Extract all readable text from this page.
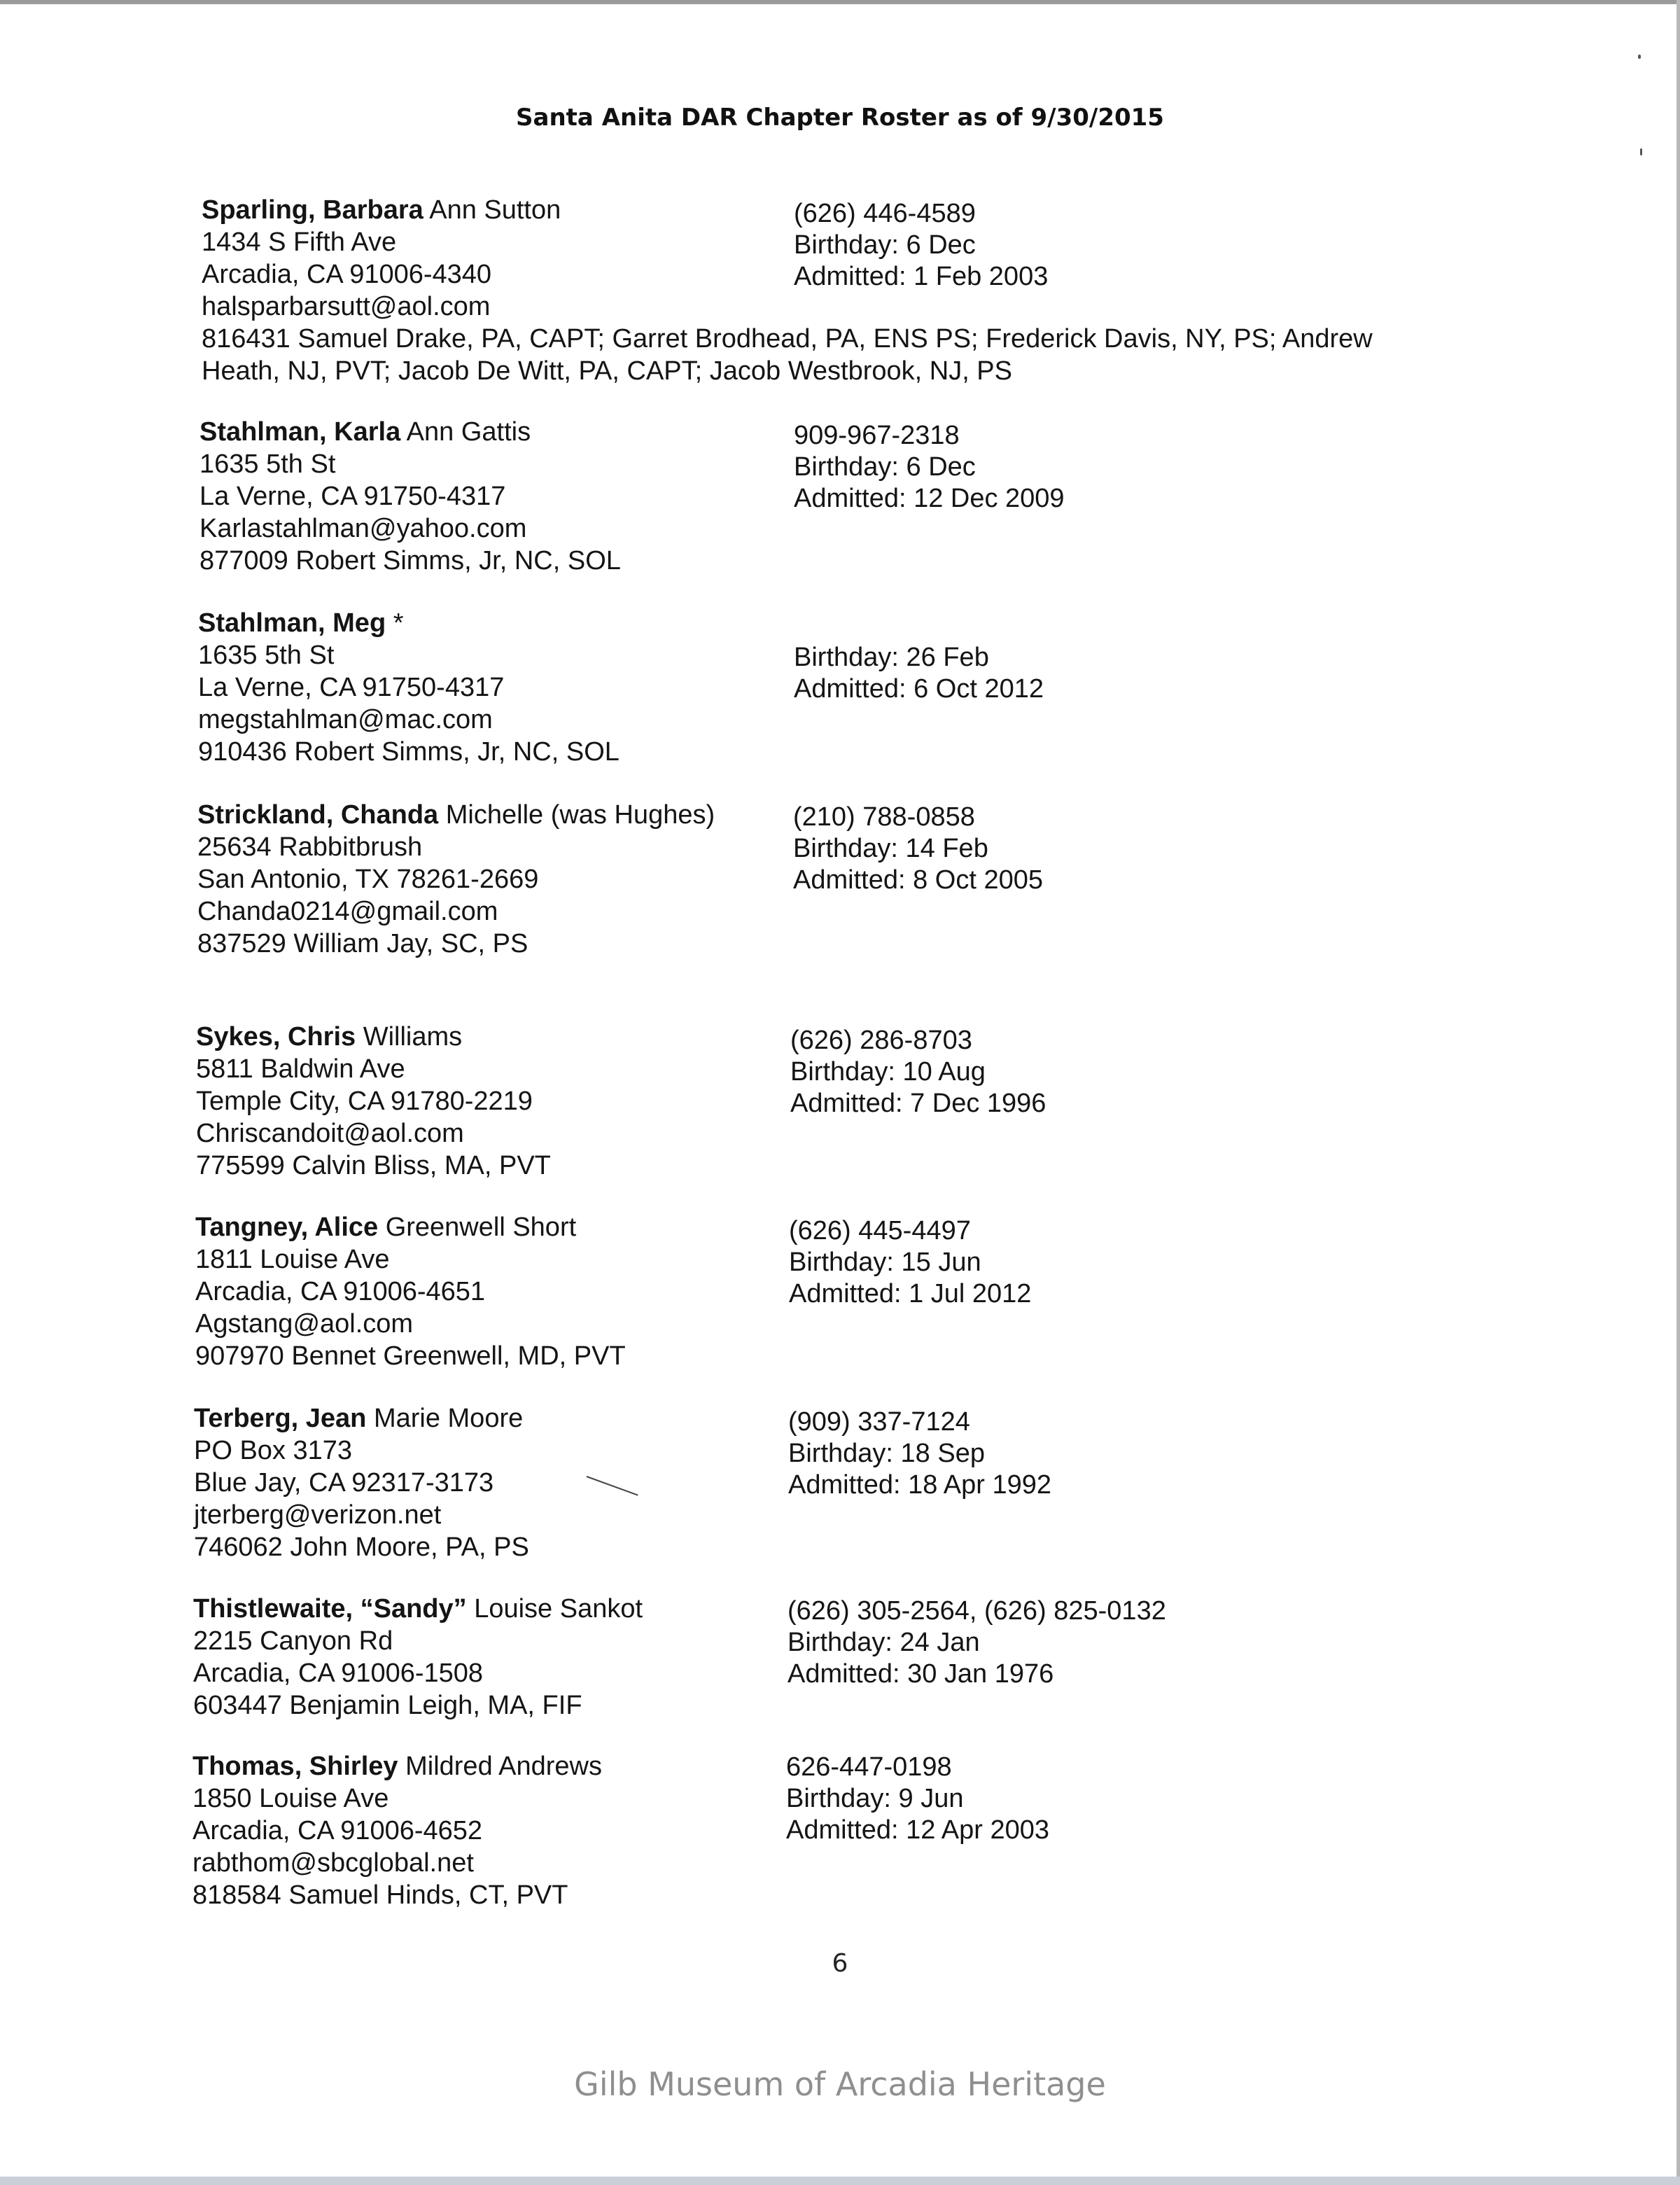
Santa Anita DAR Chapter Roster as of 9/30/2015
Sparling, Barbara Ann Sutton
1434 S Fifth Ave
Arcadia, CA 91006-4340
halsparbarsutt@aol.com
816431 Samuel Drake, PA, CAPT; Garret Brodhead, PA, ENS PS; Frederick Davis, NY, PS; Andrew Heath, NJ, PVT; Jacob De Witt, PA, CAPT; Jacob Westbrook, NJ, PS
(626) 446-4589
Birthday: 6 Dec
Admitted: 1 Feb 2003
Stahlman, Karla Ann Gattis
1635 5th St
La Verne, CA 91750-4317
Karlastahlman@yahoo.com
877009 Robert Simms, Jr, NC, SOL
909-967-2318
Birthday: 6 Dec
Admitted: 12 Dec 2009
Stahlman, Meg *
1635 5th St
La Verne, CA 91750-4317
megstahlman@mac.com
910436 Robert Simms, Jr, NC, SOL
Birthday: 26 Feb
Admitted: 6 Oct 2012
Strickland, Chanda Michelle (was Hughes)
25634 Rabbitbrush
San Antonio, TX 78261-2669
Chanda0214@gmail.com
837529 William Jay, SC, PS
(210) 788-0858
Birthday: 14 Feb
Admitted: 8 Oct 2005
Sykes, Chris Williams
5811 Baldwin Ave
Temple City, CA 91780-2219
Chriscandoit@aol.com
775599 Calvin Bliss, MA, PVT
(626) 286-8703
Birthday: 10 Aug
Admitted: 7 Dec 1996
Tangney, Alice Greenwell Short
1811 Louise Ave
Arcadia, CA 91006-4651
Agstang@aol.com
907970 Bennet Greenwell, MD, PVT
(626) 445-4497
Birthday: 15 Jun
Admitted: 1 Jul 2012
Terberg, Jean Marie Moore
PO Box 3173
Blue Jay, CA 92317-3173
jterberg@verizon.net
746062 John Moore, PA, PS
(909) 337-7124
Birthday: 18 Sep
Admitted: 18 Apr 1992
Thistlewaite, “Sandy” Louise Sankot
2215 Canyon Rd
Arcadia, CA 91006-1508
603447 Benjamin Leigh, MA, FIF
(626) 305-2564, (626) 825-0132
Birthday: 24 Jan
Admitted: 30 Jan 1976
Thomas, Shirley Mildred Andrews
1850 Louise Ave
Arcadia, CA 91006-4652
rabthom@sbcglobal.net
818584 Samuel Hinds, CT, PVT
626-447-0198
Birthday: 9 Jun
Admitted: 12 Apr 2003
6
Gilb Museum of Arcadia Heritage
